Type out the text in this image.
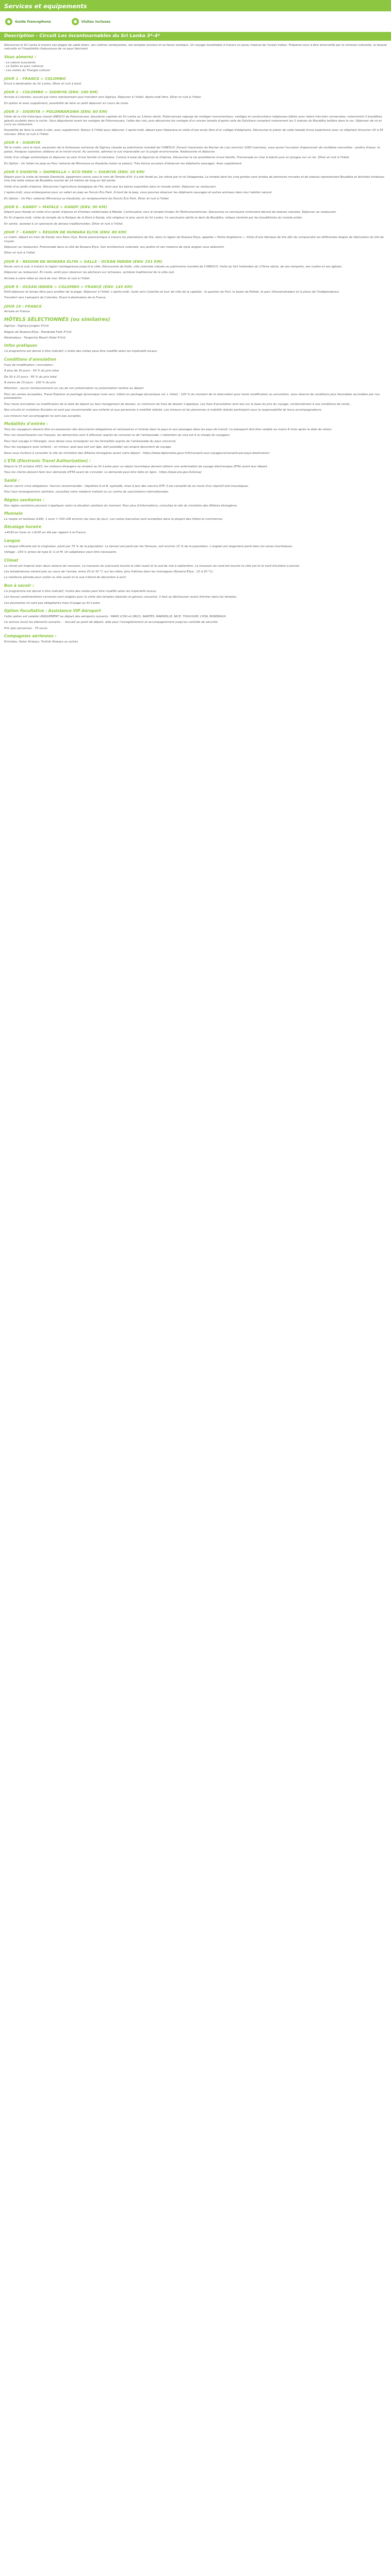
Services et equipements
Guide francophone	Visites incluses
Description - Circuit Les incontournables du Sri Lanka 3*-4*

Découvrez le Sri Lanka à travers ses plages de sable blanc, ses collines verdoyantes, ses temples anciens et sa faune exotique. Un voyage inoubliable à travers un joyau tropical de l'océan Indien. Préparez-vous à être émerveillé par la richesse culturelle, la beauté naturelle et l'hospitalité chaleureuse de ce pays fascinant.

Vous aimerez :
- Le nature luxuriante
- Le Safari au parc national
- Les visites du Triangle culturel
JOUR 1 - FRANCE > COLOMBO

Envol à destination du Sri Lanka. Dîner et nuit à bord.

JOUR 2 - COLOMBO > SIGIRIYA (ENV. 180 KM)

Arrivée à Colombo, accueil par notre représentant puis transfert vers Sigiriya. Déjeuner à l'hôtel. Après-midi libre. Dîner et nuit à l'hôtel.

En option et avec supplément, possibilité de faire un petit déjeuner en cours de route.

JOUR 3 - SIGIRIYA > POLONNARUWA (ENV. 60 KM)

Visite de la cité historique classé UNESCO de Polonnaruwa, deuxième capitale du Sri Lanka au 11ème siècle. Polonnaruwa regorge de vestiges monumentaux, vestiges et constructions religieuses bâties avec talent très bien conservées, notamment 3 bouddhas géants sculptés dans la roche. Vous dégusterez avant les vestiges de Polonnaruwa, l'allée des rois, puis découvrez les vestiges d'un ancien temple d'après celle de Galvihara comptant notamment les 3 statues du Bouddha taillées dans le roc. Déjeuner de riz et curry au restaurant.

Possibilité de faire la visite à vélo, avec supplément. Retour à l'hôtel pour déjeuner. L'après-midi, départ pour Habarana et visite d'une école libre d'un collège d'éléphants. Découvrez le plaisir de cette balade d'une expérience avec un éléphant d'environ 30 à 45 minutes. Dîner et nuit à l'hôtel.

JOUR 4 - SIGIRIYA

Tôt le matin, vers le haut, ascension de la forteresse rocheuse de Sigiriya classée au patrimoine mondial de l'UNESCO. Durant l'ascension du Rocher du Lion (environ 1000 marches), vous aurez l'occasion d'apercevoir de multiples merveilles : jardins d'eaux, le palais, fresques rupestres célèbres et le miroir-mural. Au sommet, admirez la vue imprenable sur la jungle environnante. Redescente et déjeuner.

Visite d'un village authentique et déjeuner au sein d'une famille sri-lankaise. Cuisine à base de légumes et d'épices. Découvrez la vie quotidienne d'une famille. Promenade en char à bœufs puis en pirogue sur un lac. Dîner et nuit à l'hôtel.

En Option : Un Safari en jeep au Parc national de Minneriya ou Kaudulla (selon la saison). Très bonne occasion d'observer les éléphants sauvages. Avec supplément.

JOUR 5 SIGIRIYA > DAMBULLA > ECO PARK > SIGIRIYA (ENV. 20 KM)

Départ pour la visite du temple Dambulla, également connu sous le nom de Temple d'Or. Il a été fondé au 1er siècle par le roi Valagamba. Le temple dont les cinq grottes sont ornées de peintures murales et de statues représentant Bouddha et divinités hindoues. Une très belle statue de Bouddha couché de 14 mètres de long en fait partie.

Visite d'un jardin d'épices. Découvrez l'agriculture biologique de l'île, ainsi que les épices exportées dans le monde entier. Déjeuner au restaurant.

L'après-midi, vous embarquerez pour un safari en jeep au Hurulu Eco Park. À bord de la jeep, vous pourrez observer les éléphants sauvages et autres animaux dans leur habitat naturel.

En Option : Un Parc national (Minneriya ou Kaudulla), en remplacement du Hurulu Eco Park. Dîner et nuit à l'hôtel.

JOUR 6 - KANDY > MATALE > KANDY (ENV. 90 KM)

Départ pour Kandy et visite d'un jardin d'épices et d'herbes médicinales à Matale. Continuation vers le temple hindou Sri Muthumariamman. Découvrez ce sanctuaire richement décoré de statues colorées. Déjeuner au restaurant.

En fin d'après-midi, visite du temple de la Relique de la Dent à Kandy, site religieux le plus sacré du Sri Lanka. Ce sanctuaire abrite la dent de Bouddha, relique vénérée par les bouddhistes du monde entier.

En soirée, assistez à un spectacle de danses traditionnelles. Dîner et nuit à l'hôtel.

JOUR 7 - KANDY > REGION DE NUWARA ELIYA (ENV. 80 KM)

Le matin, départ en train de Kandy vers Nanu Oya. Route panoramique à travers les plantations de thé, dans la région de Nuwara Eliya, appelée « Petite Angleterre ». Visite d'une fabrique de thé afin de comprendre les différentes étapes de fabrication du thé de Ceylan.

Déjeuner au restaurant. Promenade dans la ville de Nuwara Eliya. Son architecture coloniale, ses jardins et ses maisons de style anglais vous séduiront.

Dîner et nuit à l'hôtel.

JOUR 8 - REGION DE NUWARA ELIYA > GALLE - OCEAN INDIEN (ENV. 251 KM)

Route vers le sud, à travers la région montagneuse jusqu'à la côte. Découverte de Galle, ville coloniale classée au patrimoine mondial de l'UNESCO. Visite du fort hollandais du 17ème siècle, de ses remparts, ses ruelles et ses églises.

Déjeuner au restaurant. En route, arrêt pour observer les pêcheurs sur échasses, symbole traditionnel de la côte sud.

Arrivée à votre hôtel en bord de mer. Dîner et nuit à l'hôtel.

JOUR 9 - OCEAN INDIEN > COLOMBO > FRANCE (ENV. 145 KM)

Petit-déjeuner et temps libre pour profiter de la plage. Déjeuner à l'hôtel. L'après-midi, route vers Colombo et tour de ville de la capitale : le quartier du Fort, le bazar de Pettah, le parc Viharamahadevi et la place de l'Indépendance.

Transfert vers l'aéroport de Colombo. Envol à destination de la France.

JOUR 10 : FRANCE

Arrivée en France.

HÔTELS SÉLECTIONNÉS (ou similaires)

Sigiriya : Sigiriya Jungles 4*(nl)

Région de Nuwara Eliya : Ramboda Falls 3*(nl)

Weekadoya : Tangerine Beach Hotel 4*(nl)

Infos pratiques

Ce programme est donné à titre indicatif. L'ordre des visites peut être modifié selon les impératifs locaux.

Conditions d'annulation

Frais de modification / annulation :

À plus de 30 jours : 50 % du prix total

De 30 à 15 jours : 85 % du prix total

À moins de 15 jours : 100 % du prix

Attention : aucun remboursement en cas de non présentation ou présentation tardive au départ.

Pour les ventes acceptées, Travel Explorer et package dynamique (vols secs, hôtels en package dynamique vol + hôtel) : 100 % du montant de la réservation pour toute modification ou annulation, sous réserve de conditions plus favorables accordées par nos prestataires.

Pour toute annulation ou modification de la date de départ ou tout changement de dossier, un minimum de frais de dossier s'applique. Les frais d'annulation sont dus sur la base du prix du voyage, conformément à nos conditions de vente.

Nos circuits et croisières fluviales ne sont pas recommandés aux enfants et aux personnes à mobilité réduite. Les mineurs et les personnes à mobilité réduite participent sous la responsabilité de leurs accompagnateurs.

Les mineurs non accompagnés ne sont pas acceptés.

Modalités d'entrée :

Tous les voyageurs doivent être en possession des documents obligatoires et nécessaires à l'entrée dans le pays et aux passages dans les pays de transit. Le passeport doit être valable au moins 6 mois après la date de retour.

Pour les ressortissants non français, les démarches sont à effectuer auprès du consulat ou de l'ambassade. L'obtention du visa est à la charge du voyageur.

Pour tout voyage à l'étranger, vous devez vous renseigner sur les formalités auprès de l'ambassade du pays concerné.

Pour les voyageurs avec enfants : un mineur, quel que soit son âge, doit posséder son propre document de voyage.

Nous vous invitons à consulter le site du ministère des Affaires étrangères avant votre départ : https://www.diplomatie.gouv.fr/fr/conseils-aux-voyageurs/conseils-par-pays-destination/

L'ETA (Electronic Travel Authorization) :

Depuis le 15 octobre 2023, les visiteurs étrangers se rendant au Sri Lanka pour un séjour touristique doivent obtenir une autorisation de voyage électronique (ETA) avant leur départ.

Tous les clients doivent faire leur demande d'ETA avant de s'envoler. La demande peut être faite en ligne : https://www.eta.gov.lk/slvisa/

Santé :

Aucun vaccin n'est obligatoire. Vaccins recommandés : hépatites A et B, typhoïde, mise à jour des vaccins DTP. Il est conseillé de se munir d'un répulsif anti-moustiques.

Pour tout renseignement sanitaire, consultez votre médecin traitant ou un centre de vaccinations internationales.

Règles sanitaires :

Des règles sanitaires peuvent s'appliquer selon la situation sanitaire du moment. Pour plus d'informations, consultez le site du ministère des Affaires étrangères.

Monnaie

La roupie sri-lankaise (LKR). 1 euro = 330 LKR environ (au taux du jour). Les cartes bancaires sont acceptées dans la plupart des hôtels et commerces.

Décalage horaire

+4h30 en hiver et +3h30 en été par rapport à la France.

Langue

La langue officielle est le cinghalais, parlé par 75 % de la population. Le tamoul est parlé par les Tamouls, soit environ 15 % de la population. L'anglais est largement parlé dans les zones touristiques.

Voltage : 230 V, prises de type D, G et M. Un adaptateur peut être nécessaire.

Climat

Le climat est tropical avec deux saisons de mousson. La mousson du sud-ouest touche la côte ouest et le sud de mai à septembre. La mousson du nord-est touche la côte est et le nord d'octobre à janvier.

Les températures varient peu au cours de l'année, entre 25 et 32 °C sur les côtes, plus fraîches dans les montagnes (Nuwara Eliya : 15 à 20 °C).

La meilleure période pour visiter la côte ouest et le sud s'étend de décembre à avril.

Bon à savoir :

Ce programme est donné à titre indicatif, l'ordre des visites peut être modifié selon les impératifs locaux.

Les tenues vestimentaires correctes sont exigées pour la visite des temples (épaules et genoux couverts). Il faut se déchausser avant d'entrer dans les temples.

Les pourboires ne sont pas obligatoires mais d'usage au Sri Lanka.

Option Facultative : Assistance VIP Aéroport

Cette option est valable UNIQUEMENT au départ des aéroports suivants : PARIS (CDG et ORLY), NANTES, MARSEILLE, NICE, TOULOUSE, LYON, BORDEAUX

Ce service inclut les éléments suivants : - Accueil au point de départ, aide pour l'enregistrement et accompagnement jusqu'au contrôle de sécurité.

Prix (par personne) : 70 euros

Compagnies aériennes :

Emirates, Qatar Airways, Turkish Airways ou autres
